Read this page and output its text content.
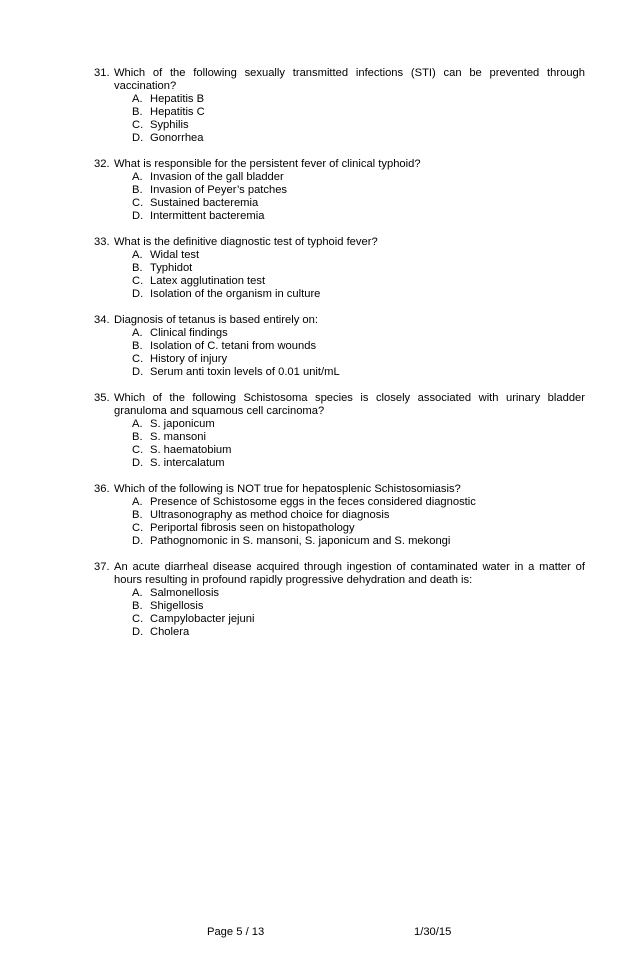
31. Which of the following sexually transmitted infections (STI) can be prevented through vaccination?
A. Hepatitis B
B. Hepatitis C
C. Syphilis
D. Gonorrhea
32. What is responsible for the persistent fever of clinical typhoid?
A. Invasion of the gall bladder
B. Invasion of Peyer’s patches
C. Sustained bacteremia
D. Intermittent bacteremia
33. What is the definitive diagnostic test of typhoid fever?
A. Widal test
B. Typhidot
C. Latex agglutination test
D. Isolation of the organism in culture
34. Diagnosis of tetanus is based entirely on:
A. Clinical findings
B. Isolation of C. tetani from wounds
C. History of injury
D. Serum anti toxin levels of 0.01 unit/mL
35. Which of the following Schistosoma species is closely associated with urinary bladder granuloma and squamous cell carcinoma?
A. S. japonicum
B. S. mansoni
C. S. haematobium
D. S. intercalatum
36. Which of the following is NOT true for hepatosplenic Schistosomiasis?
A. Presence of Schistosome eggs in the feces considered diagnostic
B. Ultrasonography as method choice for diagnosis
C. Periportal fibrosis seen on histopathology
D. Pathognomonic in S. mansoni, S. japonicum and S. mekongi
37. An acute diarrheal disease acquired through ingestion of contaminated water in a matter of hours resulting in profound rapidly progressive dehydration and death is:
A. Salmonellosis
B. Shigellosis
C. Campylobacter jejuni
D. Cholera
Page 5 / 13	1/30/15
